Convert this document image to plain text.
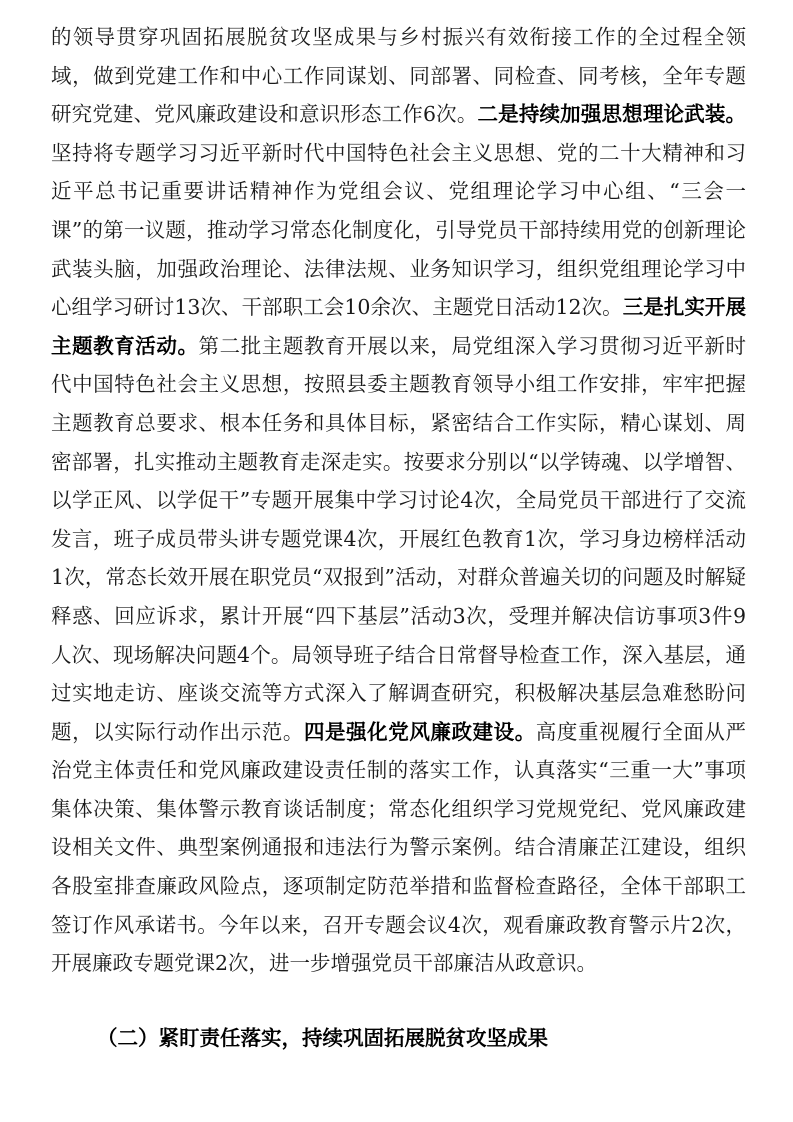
的领导贯穿巩固拓展脱贫攻坚成果与乡村振兴有效衔接工作的全过程全领域，做到党建工作和中心工作同谋划、同部署、同检查、同考核，全年专题研究党建、党风廉政建设和意识形态工作6次。二是持续加强思想理论武装。坚持将专题学习习近平新时代中国特色社会主义思想、党的二十大精神和习近平总书记重要讲话精神作为党组会议、党组理论学习中心组、“三会一课”的第一议题，推动学习常态化制度化，引导党员干部持续用党的创新理论武装头脑，加强政治理论、法律法规、业务知识学习，组织党组理论学习中心组学习研讨13次、干部职工会10余次、主题党日活动12次。三是扎实开展主题教育活动。第二批主题教育开展以来，局党组深入学习贯彻习近平新时代中国特色社会主义思想，按照县委主题教育领导小组工作安排，牢牢把握主题教育总要求、根本任务和具体目标，紧密结合工作实际，精心谋划、周密部署，扎实推动主题教育走深走实。按要求分别以“以学铸魂、以学增智、以学正风、以学促干”专题开展集中学习讨论4次，全局党员干部进行了交流发言，班子成员带头讲专题党课4次，开展红色教育1次，学习身边榜样活动1次，常态长效开展在职党员“双报到”活动，对群众普遍关切的问题及时解疑释惑、回应诉求，累计开展“四下基层”活动3次，受理并解决信访事项3件9人次、现场解决问题4个。局领导班子结合日常督导检查工作，深入基层，通过实地走访、座谈交流等方式深入了解调查研究，积极解决基层急难愁盼问题，以实际行动作出示范。四是强化党风廉政建设。高度重视履行全面从严治党主体责任和党风廉政建设责任制的落实工作，认真落实“三重一大”事项集体决策、集体警示教育谈话制度；常态化组织学习党规党纪、党风廉政建设相关文件、典型案例通报和违法行为警示案例。结合清廉芷江建设，组织各股室排查廉政风险点，逐项制定防范举措和监督检查路径，全体干部职工签订作风承诺书。今年以来，召开专题会议4次，观看廉政教育警示片2次，开展廉政专题党课2次，进一步增强党员干部廉洁从政意识。
（二）紧盯责任落实，持续巩固拓展脱贫攻坚成果
